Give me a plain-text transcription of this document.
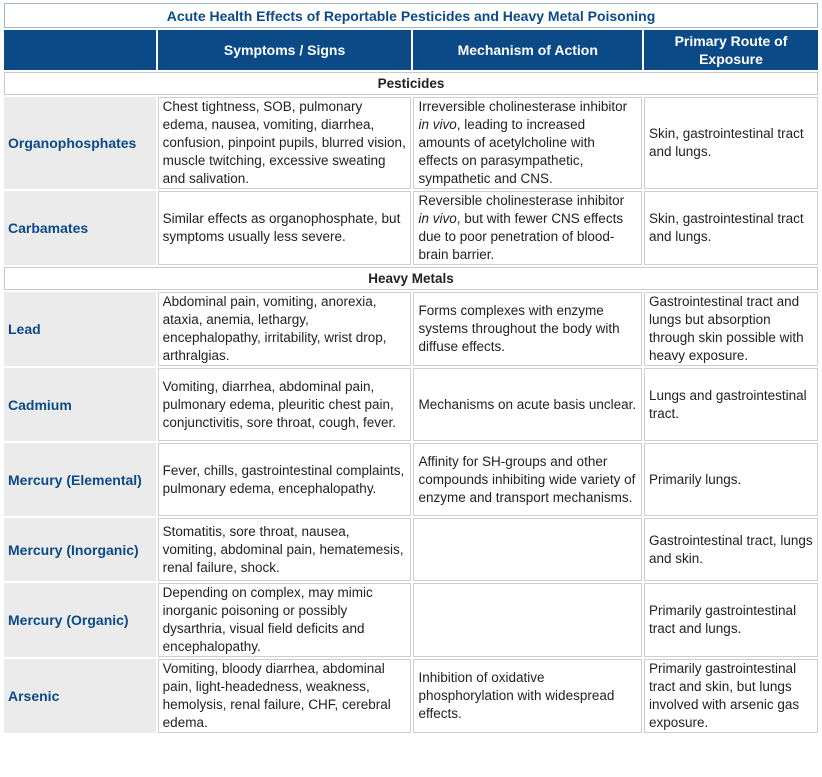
Acute Health Effects of Reportable Pesticides and Heavy Metal Poisoning			
	Symptoms / Signs	Mechanism of Action	Primary Route of Exposure
Pesticides			
Organophosphates	Chest tightness, SOB, pulmonary edema, nausea, vomiting, diarrhea, confusion, pinpoint pupils, blurred vision, muscle twitching, excessive sweating and salivation.	Irreversible cholinesterase inhibitor in vivo, leading to increased amounts of acetylcholine with effects on parasympathetic, sympathetic and CNS.	Skin, gastrointestinal tract and lungs.
Carbamates	Similar effects as organophosphate, but symptoms usually less severe.	Reversible cholinesterase inhibitor in vivo, but with fewer CNS effects due to poor penetration of blood-brain barrier.	Skin, gastrointestinal tract and lungs.
Heavy Metals			
Lead	Abdominal pain, vomiting, anorexia, ataxia, anemia, lethargy, encephalopathy, irritability, wrist drop, arthralgias.	Forms complexes with enzyme systems throughout the body with diffuse effects.	Gastrointestinal tract and lungs but absorption through skin possible with heavy exposure.
Cadmium	Vomiting, diarrhea, abdominal pain, pulmonary edema, pleuritic chest pain, conjunctivitis, sore throat, cough, fever.	Mechanisms on acute basis unclear.	Lungs and gastrointestinal tract.
Mercury (Elemental)	Fever, chills, gastrointestinal complaints, pulmonary edema, encephalopathy.	Affinity for SH-groups and other compounds inhibiting wide variety of enzyme and transport mechanisms.	Primarily lungs.
Mercury (Inorganic)	Stomatitis, sore throat, nausea, vomiting, abdominal pain, hematemesis, renal failure, shock.		Gastrointestinal tract, lungs and skin.
Mercury (Organic)	Depending on complex, may mimic inorganic poisoning or possibly dysarthria, visual field deficits and encephalopathy.		Primarily gastrointestinal tract and lungs.
Arsenic	Vomiting, bloody diarrhea, abdominal pain, light-headedness, weakness, hemolysis, renal failure, CHF, cerebral edema.	Inhibition of oxidative phosphorylation with widespread effects.	Primarily gastrointestinal tract and skin, but lungs involved with arsenic gas exposure.
